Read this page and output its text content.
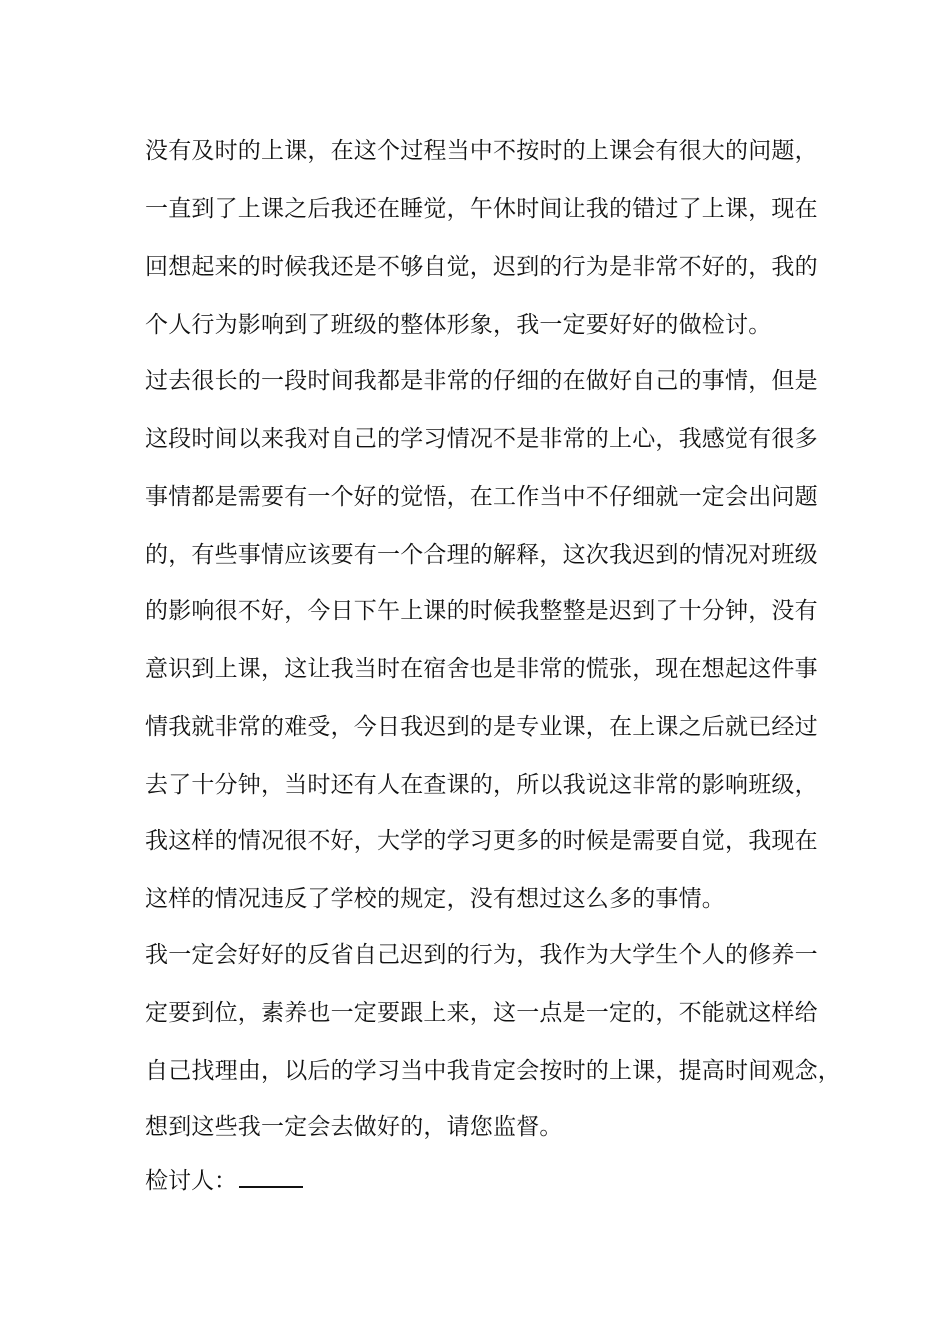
没有及时的上课，在这个过程当中不按时的上课会有很大的问题，
一直到了上课之后我还在睡觉，午休时间让我的错过了上课，现在
回想起来的时候我还是不够自觉，迟到的行为是非常不好的，我的
个人行为影响到了班级的整体形象，我一定要好好的做检讨。
过去很长的一段时间我都是非常的仔细的在做好自己的事情，但是
这段时间以来我对自己的学习情况不是非常的上心，我感觉有很多
事情都是需要有一个好的觉悟，在工作当中不仔细就一定会出问题
的，有些事情应该要有一个合理的解释，这次我迟到的情况对班级
的影响很不好，今日下午上课的时候我整整是迟到了十分钟，没有
意识到上课，这让我当时在宿舍也是非常的慌张，现在想起这件事
情我就非常的难受，今日我迟到的是专业课，在上课之后就已经过
去了十分钟，当时还有人在查课的，所以我说这非常的影响班级，
我这样的情况很不好，大学的学习更多的时候是需要自觉，我现在
这样的情况违反了学校的规定，没有想过这么多的事情。
我一定会好好的反省自己迟到的行为，我作为大学生个人的修养一
定要到位，素养也一定要跟上来，这一点是一定的，不能就这样给
自己找理由，以后的学习当中我肯定会按时的上课，提高时间观念，
想到这些我一定会去做好的，请您监督。
检讨人：
